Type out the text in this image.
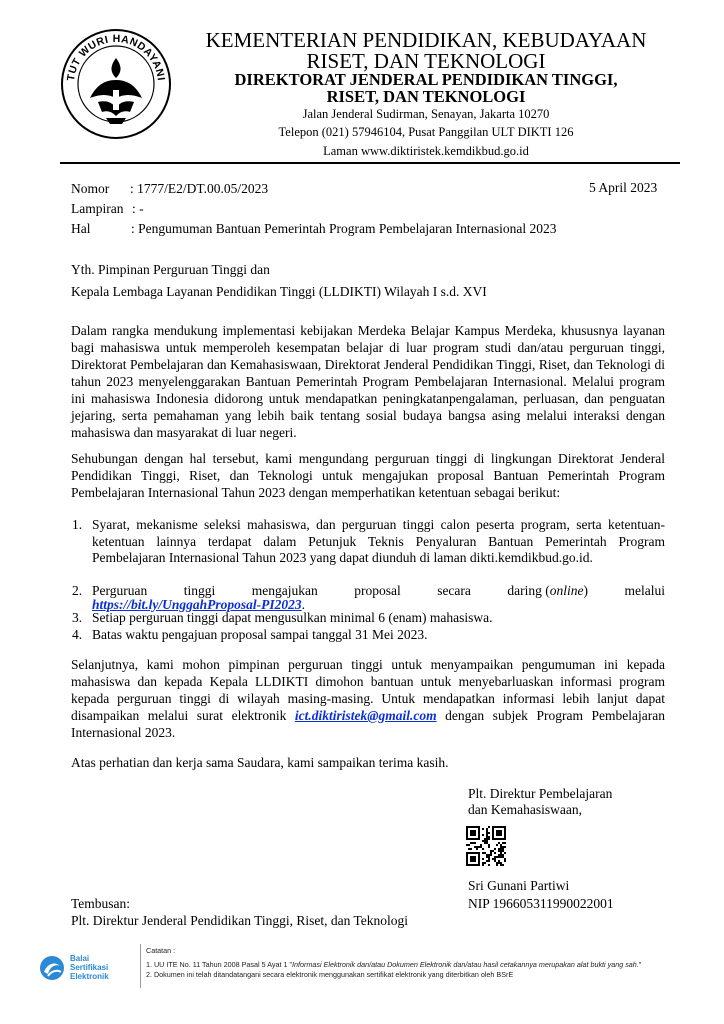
TUT WURI HANDAYANI
KEMENTERIAN PENDIDIKAN, KEBUDAYAAN
RISET, DAN TEKNOLOGI
DIREKTORAT JENDERAL PENDIDIKAN TINGGI,
RISET, DAN TEKNOLOGI
Jalan Jenderal Sudirman, Senayan, Jakarta 10270
Telepon (021) 57946104, Pusat Panggilan ULT DIKTI 126
Laman www.diktiristek.kemdikbud.go.id
5 April 2023
Nomor : 1777/E2/DT.00.05/2023
Lampiran : -
Hal	: Pengumuman Bantuan Pemerintah Program Pembelajaran Internasional 2023
Yth. Pimpinan Perguruan Tinggi dan
Kepala Lembaga Layanan Pendidikan Tinggi (LLDIKTI) Wilayah I s.d. XVI
Dalam rangka mendukung implementasi kebijakan Merdeka Belajar Kampus Merdeka, khususnya layanan bagi mahasiswa untuk memperoleh kesempatan belajar di luar program studi dan/atau perguruan tinggi, Direktorat Pembelajaran dan Kemahasiswaan, Direktorat Jenderal Pendidikan Tinggi, Riset, dan Teknologi di tahun 2023 menyelenggarakan Bantuan Pemerintah Program Pembelajaran Internasional. Melalui program ini mahasiswa Indonesia didorong untuk mendapatkan peningkatanpengalaman, perluasan, dan penguatan jejaring, serta pemahaman yang lebih baik tentang sosial budaya bangsa asing melalui interaksi dengan mahasiswa dan masyarakat di luar negeri.
Sehubungan dengan hal tersebut, kami mengundang perguruan tinggi di lingkungan Direktorat Jenderal Pendidikan Tinggi, Riset, dan Teknologi untuk mengajukan proposal Bantuan Pemerintah Program Pembelajaran Internasional Tahun 2023 dengan memperhatikan ketentuan sebagai berikut:
1. Syarat, mekanisme seleksi mahasiswa, dan perguruan tinggi calon peserta program, serta ketentuan- ketentuan lainnya terdapat dalam Petunjuk Teknis Penyaluran Bantuan Pemerintah Program Pembelajaran Internasional Tahun 2023 yang dapat diunduh di laman dikti.kemdikbud.go.id.
2. Perguruan	tinggi	mengajukan	proposal	secara	daring (online)	melalui
https://bit.ly/UnggahProposal-PI2023.
3. Setiap perguruan tinggi dapat mengusulkan minimal 6 (enam) mahasiswa.
4. Batas waktu pengajuan proposal sampai tanggal 31 Mei 2023.
Selanjutnya, kami mohon pimpinan perguruan tinggi untuk menyampaikan pengumuman ini kepada mahasiswa dan kepada Kepala LLDIKTI dimohon bantuan untuk menyebarluaskan informasi program kepada perguruan tinggi di wilayah masing-masing. Untuk mendapatkan informasi lebih lanjut dapat disampaikan melalui surat elektronik ict.diktiristek@gmail.com dengan subjek Program Pembelajaran Internasional 2023.
Atas perhatian dan kerja sama Saudara, kami sampaikan terima kasih.
Plt. Direktur Pembelajaran
dan Kemahasiswaan,
Sri Gunani Partiwi
NIP 196605311990022001
Tembusan:
Plt. Direktur Jenderal Pendidikan Tinggi, Riset, dan Teknologi
Balai
Sertifikasi
Elektronik
Catatan :
1. UU ITE No. 11 Tahun 2008 Pasal 5 Ayat 1 "Informasi Elektronik dan/atau Dokumen Elektronik dan/atau hasil cetakannya merupakan alat bukti yang sah."
2. Dokumen ini telah ditandatangani secara elektronik menggunakan sertifikat elektronik yang diterbitkan oleh BSrE
